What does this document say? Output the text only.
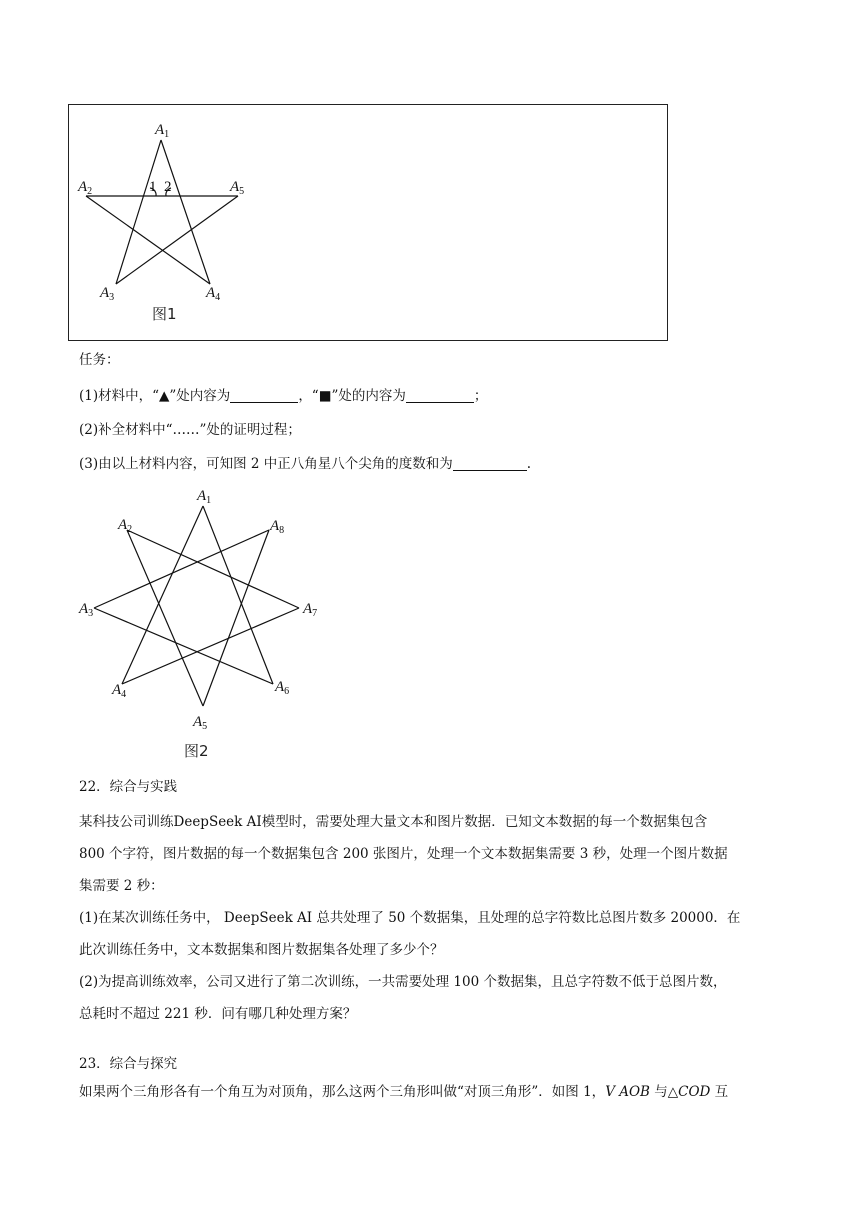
$A_1$
$A_2$
$A_3$	$A_4$
$A_5$
1 2
图1
任务：
(1)材料中，“▲”处内容为	，“■”处的内容为	；
(2)补全材料中“……”处的证明过程；
(3)由以上材料内容，可知图 2 中正八角星八个尖角的度数和为	.
$A_1$
$A_2$
$A_3$
$A_4$
$A_5$
$A_6$
$A_7$
$A_8$
图2
22．综合与实践
某科技公司训练DeepSeek AI模型时，需要处理大量文本和图片数据．已知文本数据的每一个数据集包含
800 个字符，图片数据的每一个数据集包含 200 张图片，处理一个文本数据集需要 3 秒，处理一个图片数据
集需要 2 秒：
(1)在某次训练任务中， DeepSeek AI 总共处理了 50 个数据集，且处理的总字符数比总图片数多 20000．在
此次训练任务中，文本数据集和图片数据集各处理了多少个？
(2)为提高训练效率，公司又进行了第二次训练，一共需要处理 100 个数据集，且总字符数不低于总图片数，
总耗时不超过 221 秒．问有哪几种处理方案？
23．综合与探究
如果两个三角形各有一个角互为对顶角，那么这两个三角形叫做“对顶三角形”．如图 1，V AOB 与△COD 互
